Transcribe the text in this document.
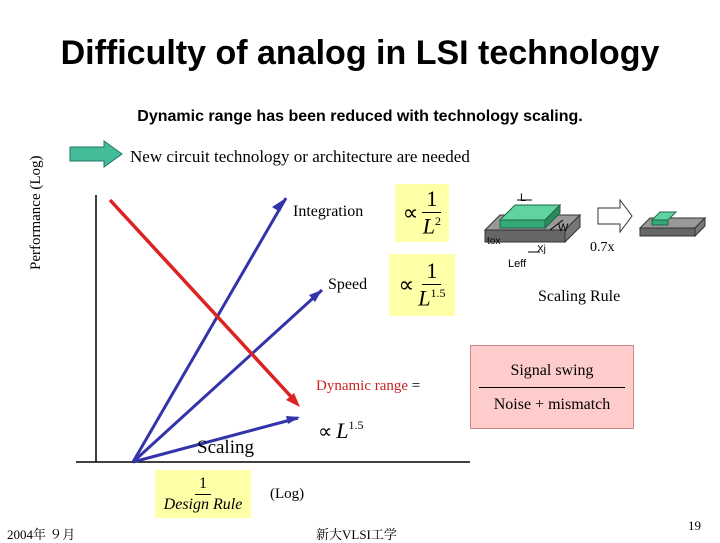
Difficulty of analog in LSI technology
Dynamic range has been reduced with technology scaling.
New circuit technology or architecture are needed
Performance (Log)	Integration ∝ $\frac{1}{L^2}$
Speed ∝ $\frac{1}{L^{1.5}}$
Dynamic range =
Signal swing
Noise + mismatch
∝ $L^{1.5}$
Scaling
$\frac{1}{\text{Design Rule}} (Log)$
L
W
tox
Xj
Leff
0.7x
Scaling Rule
2004年 ９月	新大VLSI工学
19
